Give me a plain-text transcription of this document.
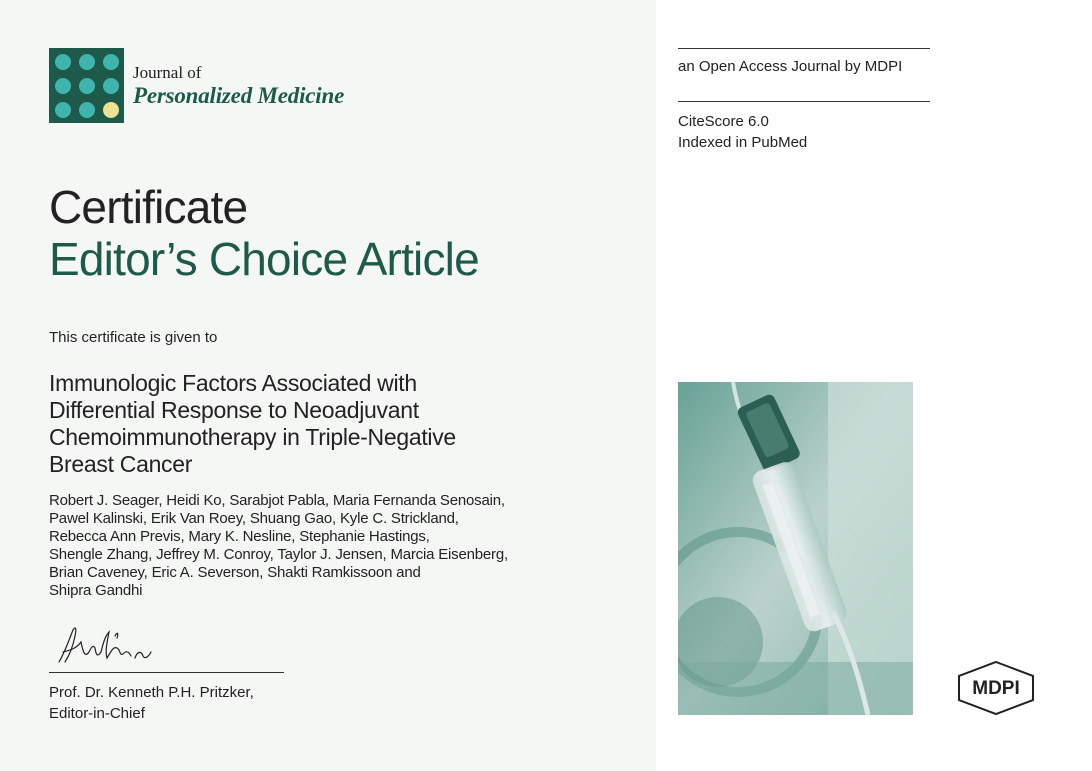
Journal of
Personalized Medicine
Certificate
Editor’s Choice Article
This certificate is given to
Immunologic Factors Associated with
Differential Response to Neoadjuvant
Chemoimmunotherapy in Triple-Negative
Breast Cancer
Robert J. Seager, Heidi Ko, Sarabjot Pabla, Maria Fernanda Senosain,
Pawel Kalinski, Erik Van Roey, Shuang Gao, Kyle C. Strickland,
Rebecca Ann Previs, Mary K. Nesline, Stephanie Hastings,
Shengle Zhang, Jeffrey M. Conroy, Taylor J. Jensen, Marcia Eisenberg,
Brian Caveney, Eric A. Severson, Shakti Ramkissoon and
Shipra Gandhi
Prof. Dr. Kenneth P.H. Pritzker,
Editor-in-Chief
an Open Access Journal by MDPI
CiteScore 6.0
Indexed in PubMed
MDPI
